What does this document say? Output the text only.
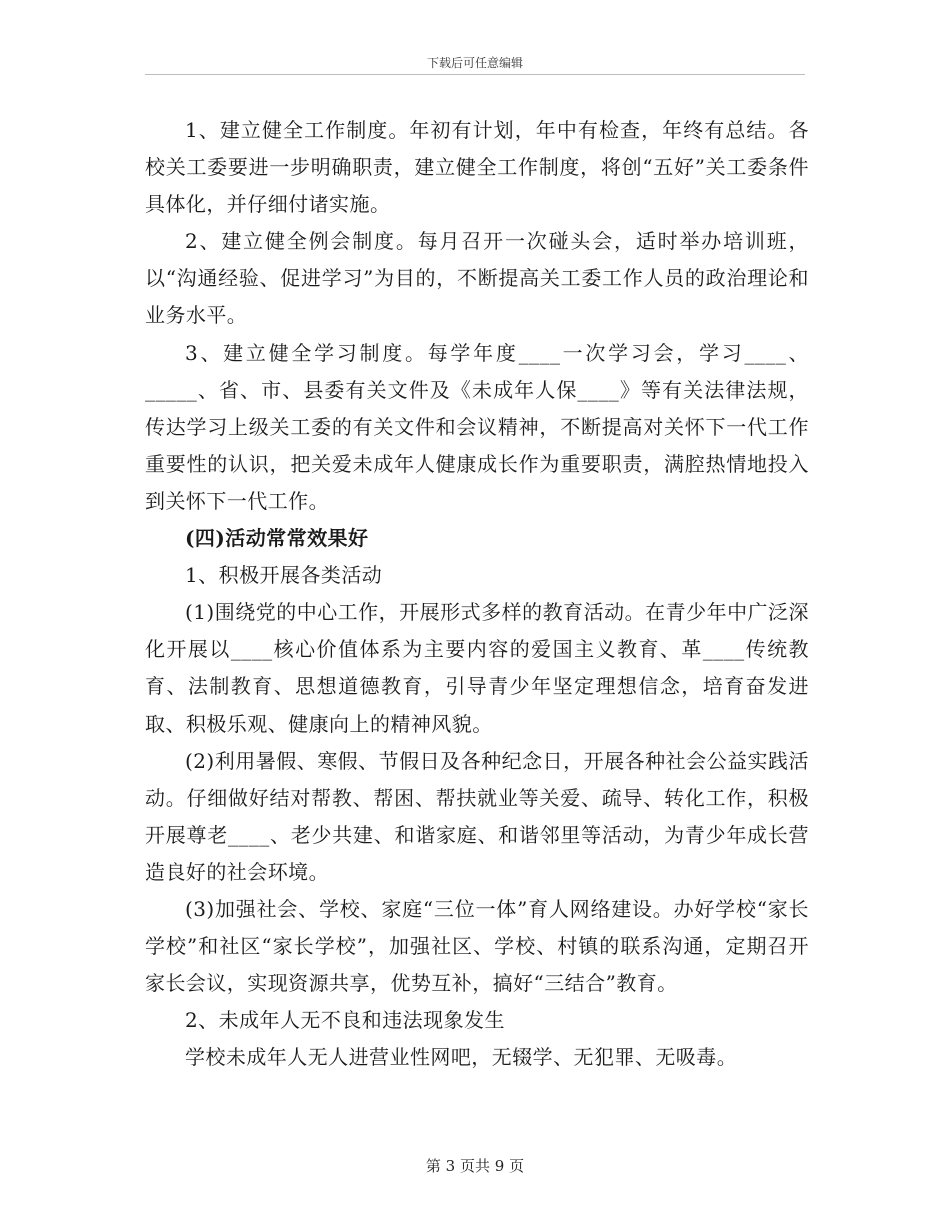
下载后可任意编辑

1、建立健全工作制度。年初有计划，年中有检查，年终有总结。各校关工委要进一步明确职责，建立健全工作制度，将创“五好”关工委条件具体化，并仔细付诸实施。

2、建立健全例会制度。每月召开一次碰头会，适时举办培训班，以“沟通经验、促进学习”为目的，不断提高关工委工作人员的政治理论和业务水平。

3、建立健全学习制度。每学年度____一次学习会，学习____、_____、省、市、县委有关文件及《未成年人保____》等有关法律法规，传达学习上级关工委的有关文件和会议精神，不断提高对关怀下一代工作重要性的认识，把关爱未成年人健康成长作为重要职责，满腔热情地投入到关怀下一代工作。

(四)活动常常效果好

1、积极开展各类活动

(1)围绕党的中心工作，开展形式多样的教育活动。在青少年中广泛深化开展以____核心价值体系为主要内容的爱国主义教育、革____传统教育、法制教育、思想道德教育，引导青少年坚定理想信念，培育奋发进取、积极乐观、健康向上的精神风貌。

(2)利用暑假、寒假、节假日及各种纪念日，开展各种社会公益实践活动。仔细做好结对帮教、帮困、帮扶就业等关爱、疏导、转化工作，积极开展尊老____、老少共建、和谐家庭、和谐邻里等活动，为青少年成长营造良好的社会环境。

(3)加强社会、学校、家庭“三位一体”育人网络建设。办好学校“家长学校”和社区“家长学校”，加强社区、学校、村镇的联系沟通，定期召开家长会议，实现资源共享，优势互补，搞好“三结合”教育。

2、未成年人无不良和违法现象发生

学校未成年人无人进营业性网吧，无辍学、无犯罪、无吸毒。

第 3 页共 9 页
